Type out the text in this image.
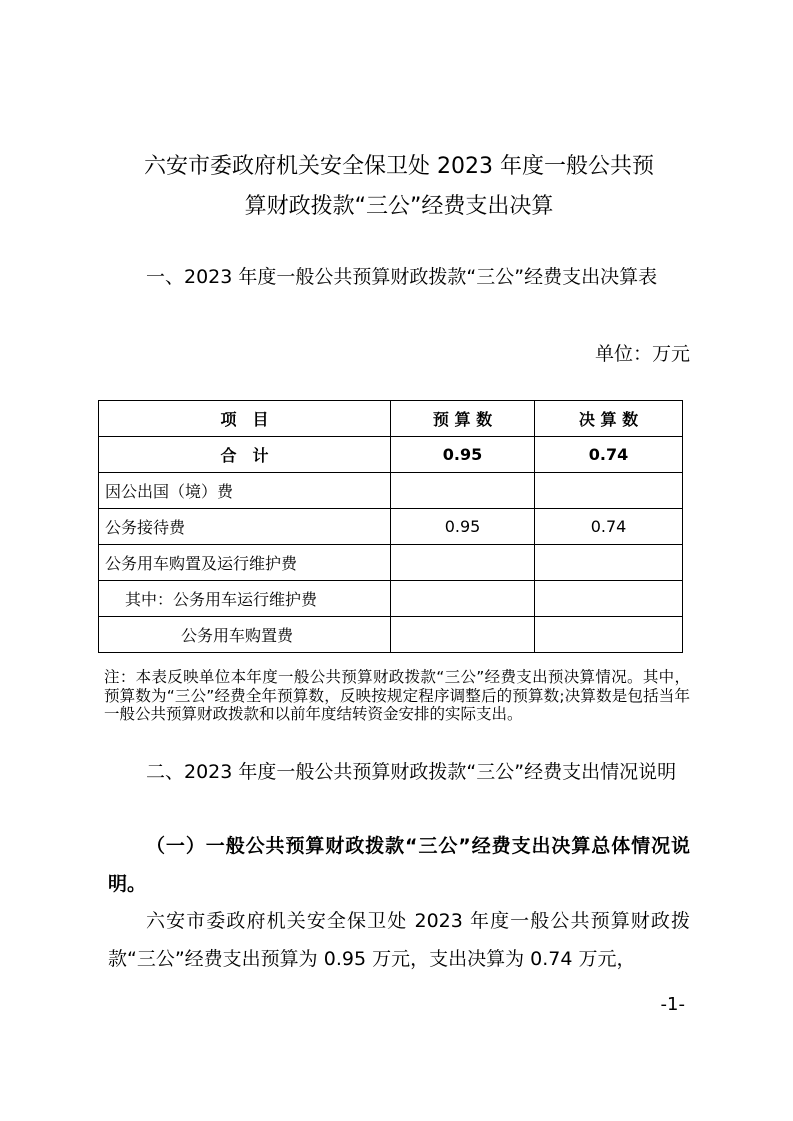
六安市委政府机关安全保卫处 2023 年度一般公共预
算财政拨款“三公”经费支出决算

一、2023 年度一般公共预算财政拨款“三公”经费支出决算表

单位：万元
项　目	预 算 数	决 算 数
合　计	0.95	0.74
因公出国（境）费		
公务接待费	0.95	0.74
公务用车购置及运行维护费		
其中：公务用车运行维护费		
公务用车购置费		

注：本表反映单位本年度一般公共预算财政拨款“三公”经费支出预决算情况。其中，预算数为“三公”经费全年预算数，反映按规定程序调整后的预算数;决算数是包括当年一般公共预算财政拨款和以前年度结转资金安排的实际支出。

二、2023 年度一般公共预算财政拨款“三公”经费支出情况说明

（一）一般公共预算财政拨款“三公”经费支出决算总体情况说明。

六安市委政府机关安全保卫处 2023 年度一般公共预算财政拨款“三公”经费支出预算为 0.95 万元，支出决算为 0.74 万元，

-1-
